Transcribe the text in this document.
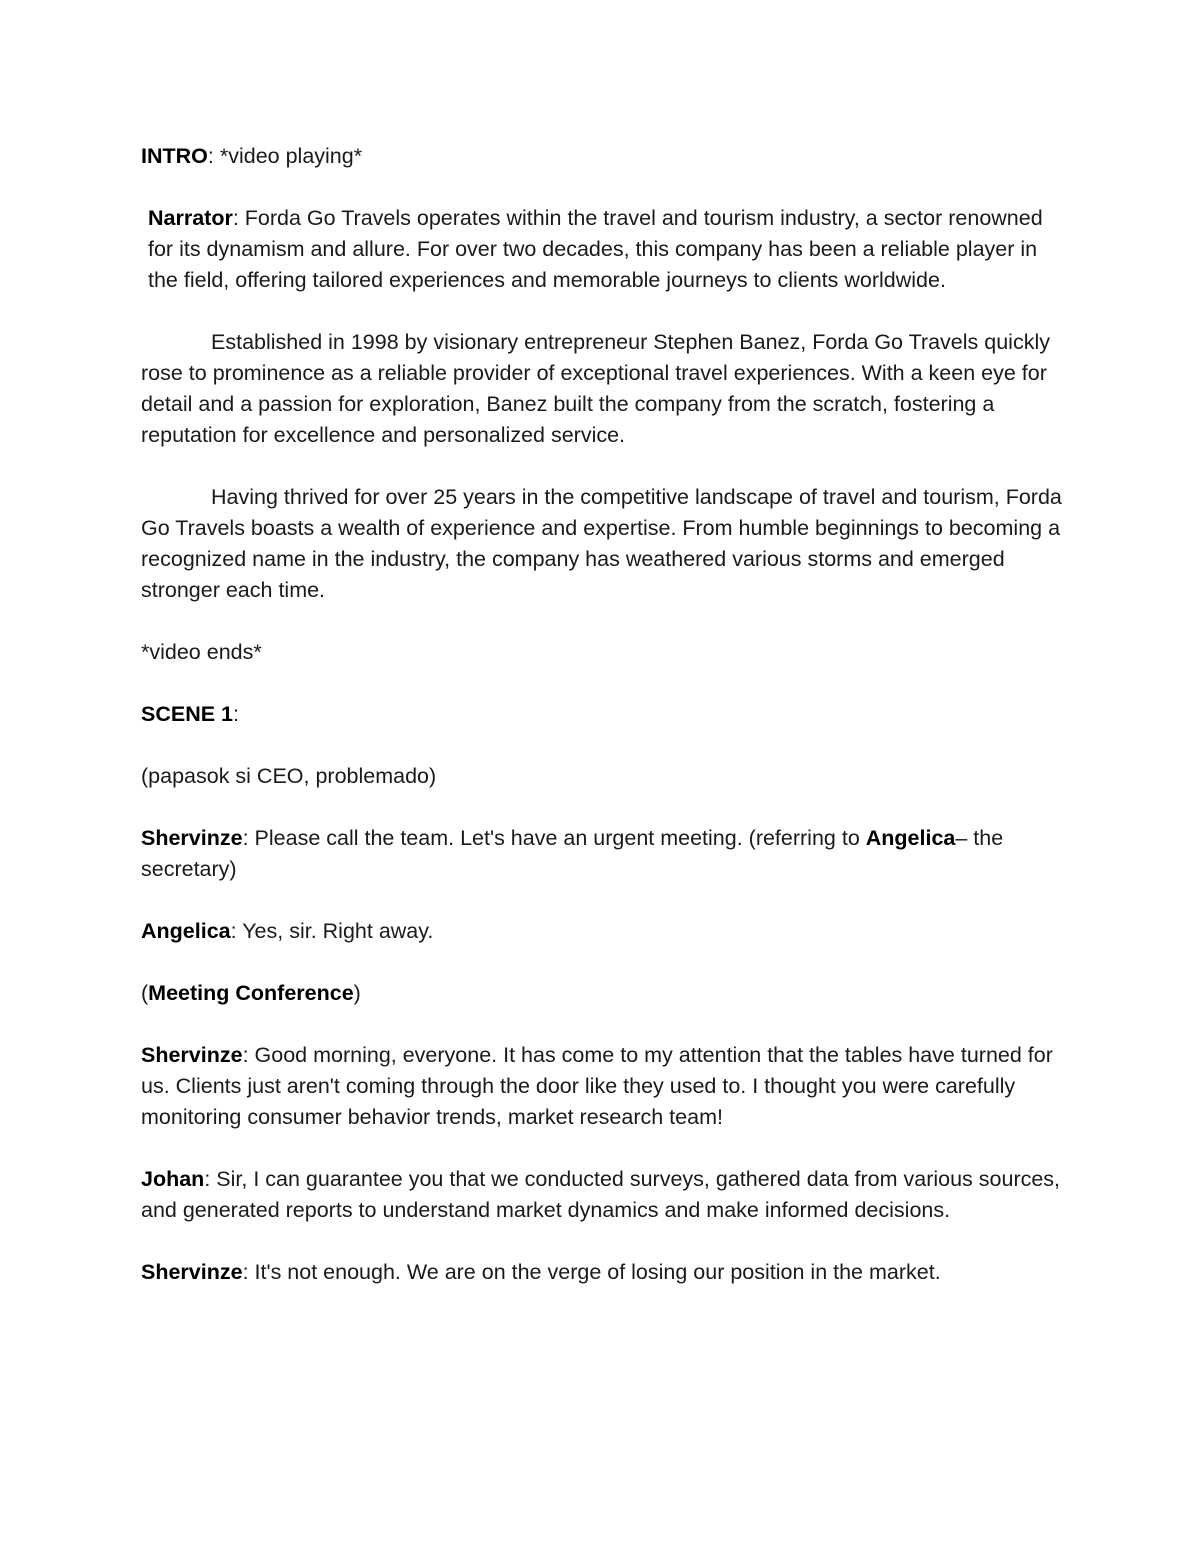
INTRO: *video playing*

Narrator: Forda Go Travels operates within the travel and tourism industry, a sector renowned for its dynamism and allure. For over two decades, this company has been a reliable player in the field, offering tailored experiences and memorable journeys to clients worldwide.

Established in 1998 by visionary entrepreneur Stephen Banez, Forda Go Travels quickly rose to prominence as a reliable provider of exceptional travel experiences. With a keen eye for detail and a passion for exploration, Banez built the company from the scratch, fostering a reputation for excellence and personalized service.

Having thrived for over 25 years in the competitive landscape of travel and tourism, Forda Go Travels boasts a wealth of experience and expertise. From humble beginnings to becoming a recognized name in the industry, the company has weathered various storms and emerged stronger each time.

*video ends*

SCENE 1:

(papasok si CEO, problemado)

Shervinze: Please call the team. Let's have an urgent meeting. (referring to Angelica– the secretary)

Angelica: Yes, sir. Right away.

(Meeting Conference)

Shervinze: Good morning, everyone. It has come to my attention that the tables have turned for us. Clients just aren't coming through the door like they used to. I thought you were carefully monitoring consumer behavior trends, market research team!

Johan: Sir, I can guarantee you that we conducted surveys, gathered data from various sources, and generated reports to understand market dynamics and make informed decisions.

Shervinze: It's not enough. We are on the verge of losing our position in the market.
